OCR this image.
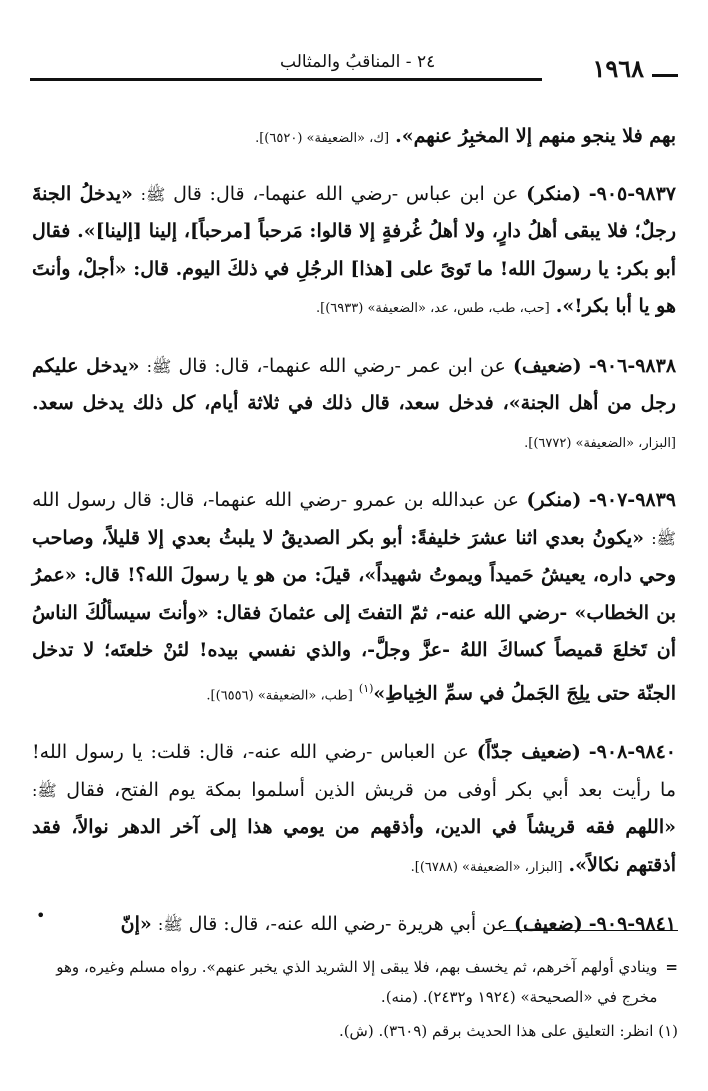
١٩٦٨
٢٤ - المناقبُ والمثالب

بهم فلا ينجو منهم إلا المخبِرُ عنهم». [ك، «الضعيفة» (٦٥٢٠)].

٩٨٣٧-٩٠٥- (منكر) عن ابن عباس -رضي الله عنهما-، قال: قال ﷺ: «يدخلُ الجنةَ رجلٌ؛ فلا يبقى أهلُ دارٍ، ولا أهلُ غُرفةٍ إلا قالوا: مَرحباً [مرحباً]، إلينا [إلينا]». فقال أبو بكر: يا رسولَ الله! ما تَوىً على [هذا] الرجُلِ في ذلكَ اليوم. قال: «أجلْ، وأنتَ هو يا أبا بكر!». [حب، طب، طس، عد، «الضعيفة» (٦٩٣٣)].

٩٨٣٨-٩٠٦- (ضعيف) عن ابن عمر -رضي الله عنهما-، قال: قال ﷺ: «يدخل عليكم رجل من أهل الجنة»، فدخل سعد، قال ذلك في ثلاثة أيام، كل ذلك يدخل سعد. [البزار، «الضعيفة» (٦٧٧٢)].

٩٨٣٩-٩٠٧- (منكر) عن عبدالله بن عمرو -رضي الله عنهما-، قال: قال رسول الله ﷺ: «يكونُ بعدي اثنا عشرَ خليفةً: أبو بكر الصديقُ لا يلبثُ بعدي إلا قليلاً، وصاحب وحي داره، يعيشُ حَميداً ويموتُ شهيداً»، قيلَ: من هو يا رسولَ الله؟! قال: «عمرُ بن الخطاب» -رضي الله عنه-، ثمّ التفتَ إلى عثمانَ فقال: «وأنتَ سيسألُكَ الناسُ أن تَخلعَ قميصاً كساكَ اللهُ -عزَّ وجلَّ-، والذي نفسي بيده! لئنْ خلعتَه؛ لا تدخل الجنّة حتى يلِجَ الجَملُ في سمِّ الخِياطِ»$^{(١)}$ [طب، «الضعيفة» (٦٥٥٦)].

٩٨٤٠-٩٠٨- (ضعيف جدّاً) عن العباس -رضي الله عنه-، قال: قلت: يا رسول الله! ما رأيت بعد أبي بكر أوفى من قريش الذين أسلموا بمكة يوم الفتح، فقال ﷺ: «اللهم فقه قريشاً في الدين، وأذقهم من يومي هذا إلى آخر الدهر نوالاً، فقد أذقتهم نكالاً». [البزار، «الضعيفة» (٦٧٨٨)].

٩٨٤١-٩٠٩- (ضعيف) عن أبي هريرة -رضي الله عنه-، قال: قال ﷺ: «إنّ

•
=
وينادي أولهم آخرهم، ثم يخسف بهم، فلا يبقى إلا الشريد الذي يخبر عنهم». رواه مسلم وغيره، وهو مخرج في «الصحيحة» (١٩٢٤ و٢٤٣٢). (منه).
(١) انظر: التعليق على هذا الحديث برقم (٣٦٠٩). (ش).
